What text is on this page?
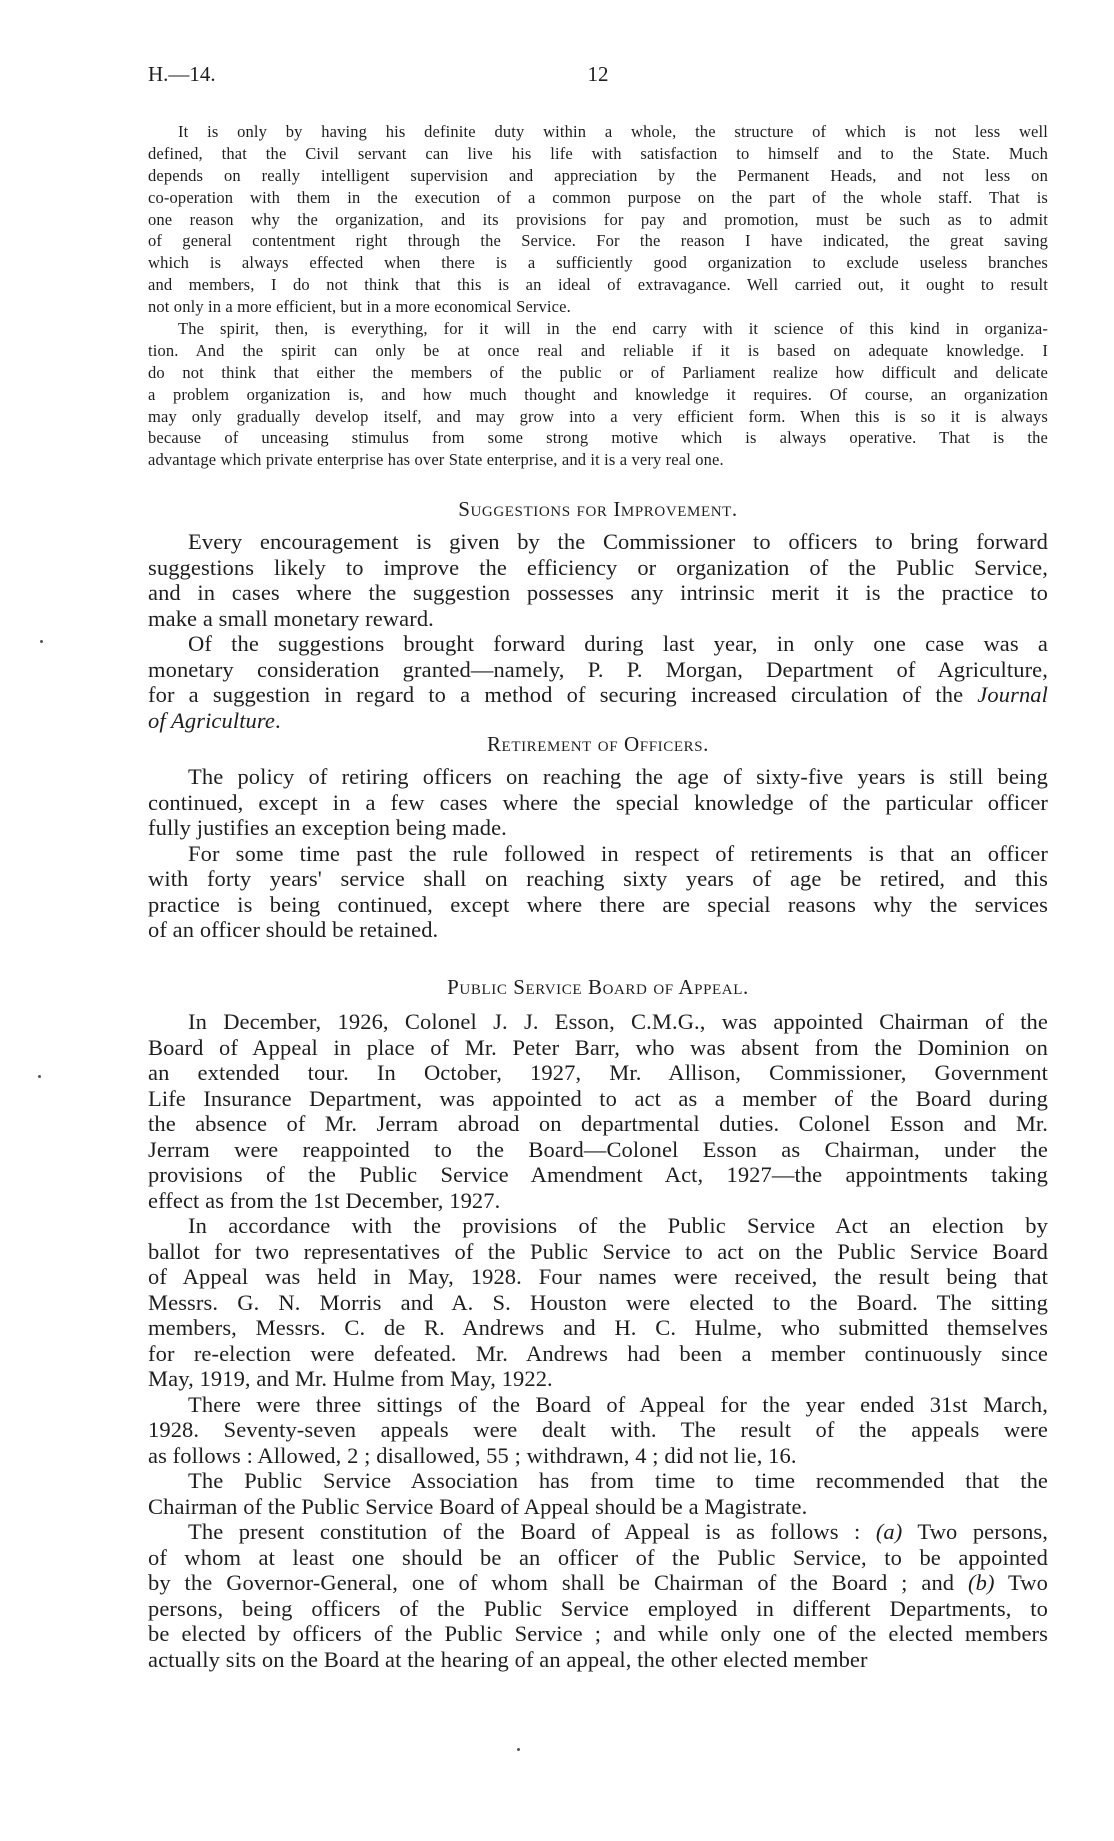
H.—14.	12
It is only by having his definite duty within a whole, the structure of which is not less well
defined, that the Civil servant can live his life with satisfaction to himself and to the State. Much
depends on really intelligent supervision and appreciation by the Permanent Heads, and not less on
co-operation with them in the execution of a common purpose on the part of the whole staff. That is
one reason why the organization, and its provisions for pay and promotion, must be such as to admit
of general contentment right through the Service. For the reason I have indicated, the great saving
which is always effected when there is a sufficiently good organization to exclude useless branches
and members, I do not think that this is an ideal of extravagance. Well carried out, it ought to result
not only in a more efficient, but in a more economical Service.
The spirit, then, is everything, for it will in the end carry with it science of this kind in organiza-
tion. And the spirit can only be at once real and reliable if it is based on adequate knowledge. I
do not think that either the members of the public or of Parliament realize how difficult and delicate
a problem organization is, and how much thought and knowledge it requires. Of course, an organization
may only gradually develop itself, and may grow into a very efficient form. When this is so it is always
because of unceasing stimulus from some strong motive which is always operative. That is the
advantage which private enterprise has over State enterprise, and it is a very real one.
Suggestions for Improvement.
Every encouragement is given by the Commissioner to officers to bring forward
suggestions likely to improve the efficiency or organization of the Public Service,
and in cases where the suggestion possesses any intrinsic merit it is the practice to
make a small monetary reward.
Of the suggestions brought forward during last year, in only one case was a
monetary consideration granted—namely, P. P. Morgan, Department of Agriculture,
for a suggestion in regard to a method of securing increased circulation of the Journal
of Agriculture.
Retirement of Officers.
The policy of retiring officers on reaching the age of sixty-five years is still being
continued, except in a few cases where the special knowledge of the particular officer
fully justifies an exception being made.
For some time past the rule followed in respect of retirements is that an officer
with forty years' service shall on reaching sixty years of age be retired, and this
practice is being continued, except where there are special reasons why the services
of an officer should be retained.
Public Service Board of Appeal.
In December, 1926, Colonel J. J. Esson, C.M.G., was appointed Chairman of the
Board of Appeal in place of Mr. Peter Barr, who was absent from the Dominion on
an extended tour. In October, 1927, Mr. Allison, Commissioner, Government
Life Insurance Department, was appointed to act as a member of the Board during
the absence of Mr. Jerram abroad on departmental duties. Colonel Esson and Mr.
Jerram were reappointed to the Board—Colonel Esson as Chairman, under the
provisions of the Public Service Amendment Act, 1927—the appointments taking
effect as from the 1st December, 1927.
In accordance with the provisions of the Public Service Act an election by
ballot for two representatives of the Public Service to act on the Public Service Board
of Appeal was held in May, 1928. Four names were received, the result being that
Messrs. G. N. Morris and A. S. Houston were elected to the Board. The sitting
members, Messrs. C. de R. Andrews and H. C. Hulme, who submitted themselves
for re-election were defeated. Mr. Andrews had been a member continuously since
May, 1919, and Mr. Hulme from May, 1922.
There were three sittings of the Board of Appeal for the year ended 31st March,
1928. Seventy-seven appeals were dealt with. The result of the appeals were
as follows : Allowed, 2 ; disallowed, 55 ; withdrawn, 4 ; did not lie, 16.
The Public Service Association has from time to time recommended that the
Chairman of the Public Service Board of Appeal should be a Magistrate.
The present constitution of the Board of Appeal is as follows : (a) Two persons,
of whom at least one should be an officer of the Public Service, to be appointed
by the Governor-General, one of whom shall be Chairman of the Board ; and (b) Two
persons, being officers of the Public Service employed in different Departments, to
be elected by officers of the Public Service ; and while only one of the elected members
actually sits on the Board at the hearing of an appeal, the other elected member
